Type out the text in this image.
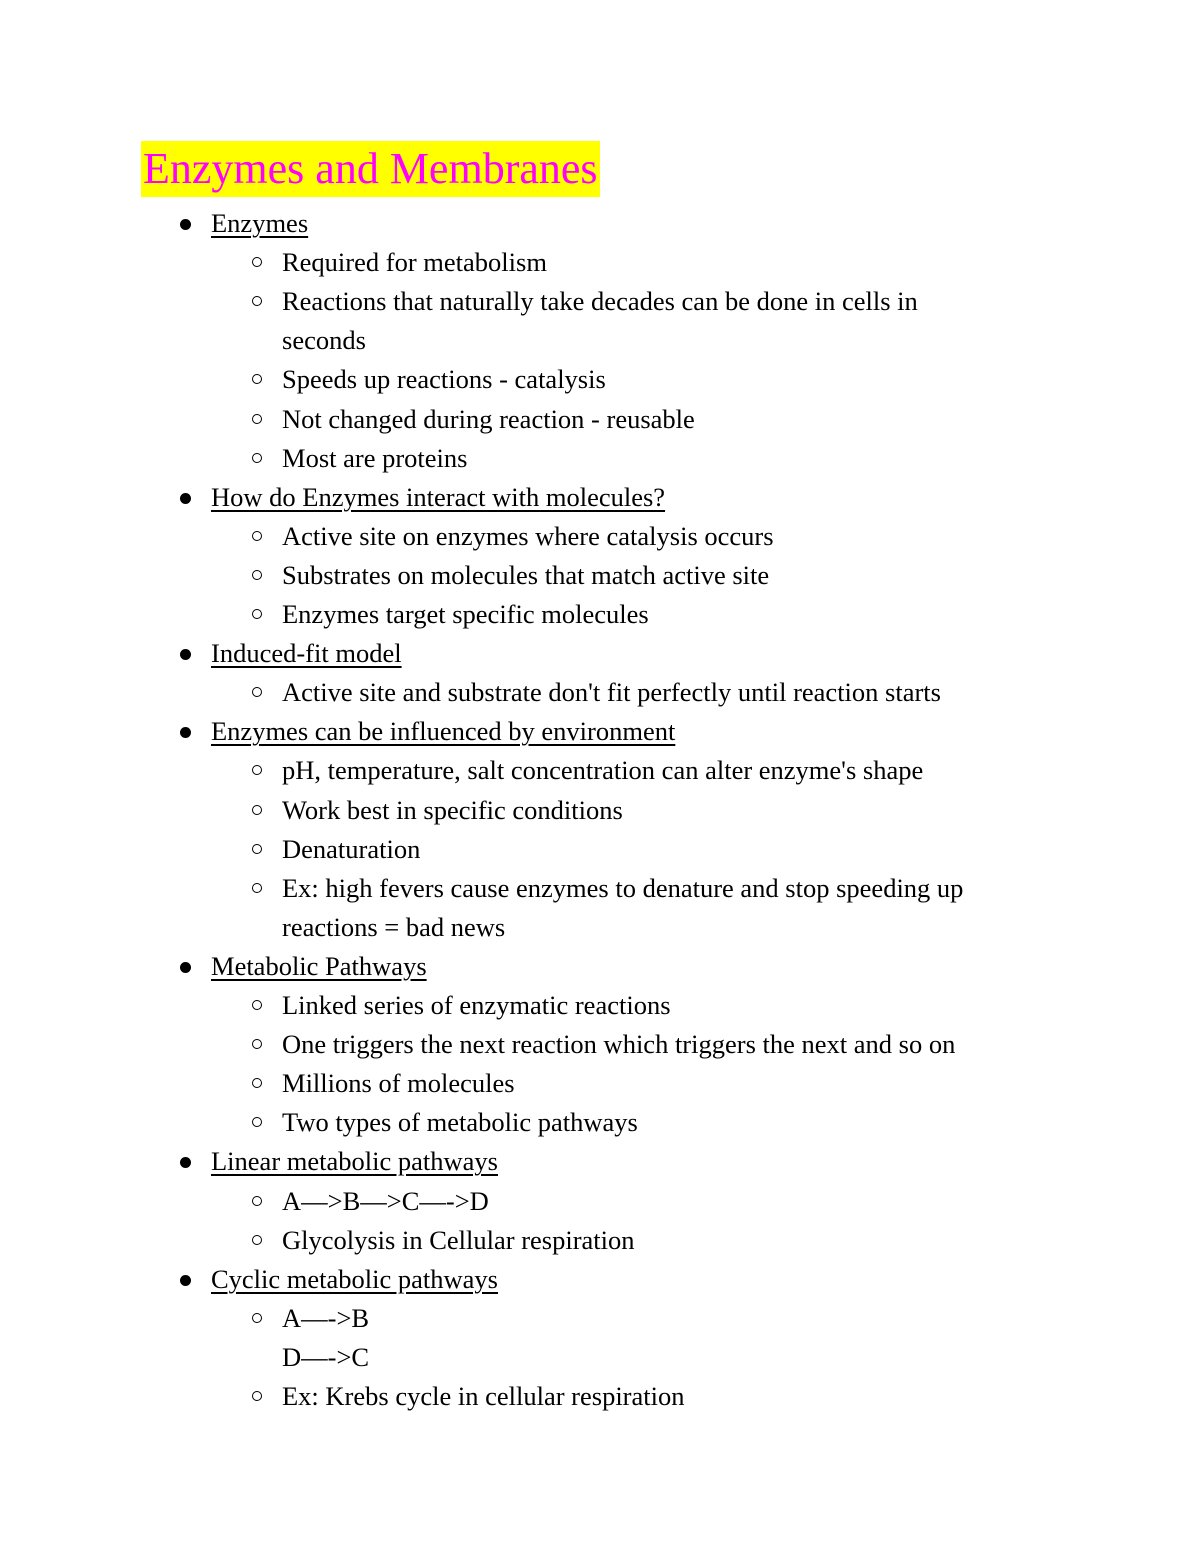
Enzymes and Membranes
Enzymes
Required for metabolism
Reactions that naturally take decades can be done in cells in
seconds
Speeds up reactions - catalysis
Not changed during reaction - reusable
Most are proteins
How do Enzymes interact with molecules?
Active site on enzymes where catalysis occurs
Substrates on molecules that match active site
Enzymes target specific molecules
Induced-fit model
Active site and substrate don't fit perfectly until reaction starts
Enzymes can be influenced by environment
pH, temperature, salt concentration can alter enzyme's shape
Work best in specific conditions
Denaturation
Ex: high fevers cause enzymes to denature and stop speeding up
reactions = bad news
Metabolic Pathways
Linked series of enzymatic reactions
One triggers the next reaction which triggers the next and so on
Millions of molecules
Two types of metabolic pathways
Linear metabolic pathways
A—>B—>C—->D
Glycolysis in Cellular respiration
Cyclic metabolic pathways
A—->B
D—->C
Ex: Krebs cycle in cellular respiration
